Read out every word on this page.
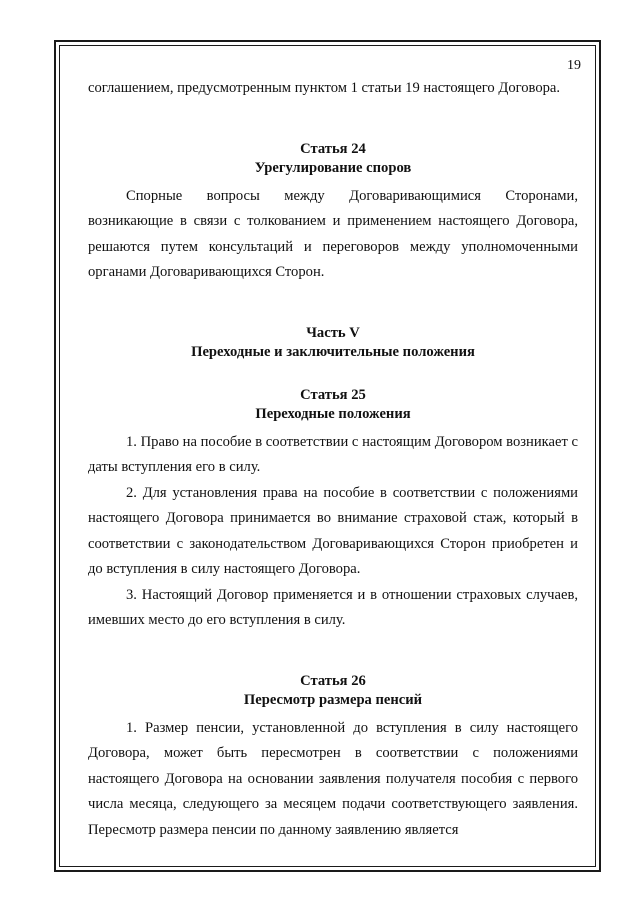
19

соглашением, предусмотренным пунктом 1 статьи 19 настоящего Договора.

Статья 24

Урегулирование споров

Спорные вопросы между Договаривающимися Сторонами, возникающие в связи с толкованием и применением настоящего Договора, решаются путем консультаций и переговоров между уполномоченными органами Договаривающихся Сторон.

Часть V

Переходные и заключительные положения

Статья 25

Переходные положения

1. Право на пособие в соответствии с настоящим Договором возникает с даты вступления его в силу.

2. Для установления права на пособие в соответствии с положениями настоящего Договора принимается во внимание страховой стаж, который в соответствии с законодательством Договаривающихся Сторон приобретен и до вступления в силу настоящего Договора.

3. Настоящий Договор применяется и в отношении страховых случаев, имевших место до его вступления в силу.

Статья 26

Пересмотр размера пенсий

1. Размер пенсии, установленной до вступления в силу настоящего Договора, может быть пересмотрен в соответствии с положениями настоящего Договора на основании заявления получателя пособия с первого числа месяца, следующего за месяцем подачи соответствующего заявления. Пересмотр размера пенсии по данному заявлению является
